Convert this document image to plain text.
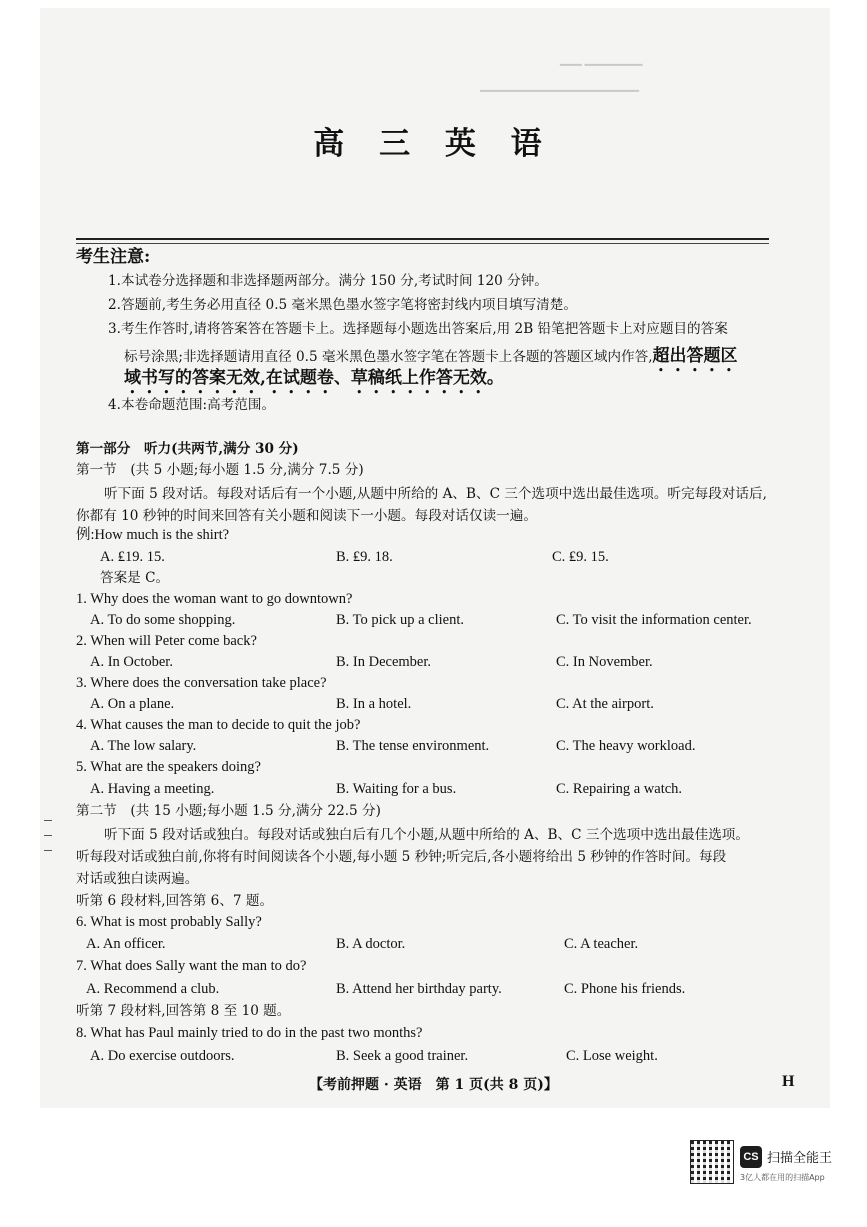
━━━ ━━━━━━━━
━━━━━━━━━━━━━━━━━━━━━━
高 三 英 语
考生注意:
1.本试卷分选择题和非选择题两部分。满分 150 分,考试时间 120 分钟。
2.答题前,考生务必用直径 0.5 毫米黑色墨水签字笔将密封线内项目填写清楚。
3.考生作答时,请将答案答在答题卡上。选择题每小题选出答案后,用 2B 铅笔把答题卡上对应题目的答案
标号涂黑;非选择题请用直径 0.5 毫米黑色墨水签字笔在答题卡上各题的答题区域内作答,超出答题区
域书写的答案无效,在试题卷、草稿纸上作答无效。
4.本卷命题范围:高考范围。
第一部分　听力(共两节,满分 30 分)
第一节　(共 5 小题;每小题 1.5 分,满分 7.5 分)
听下面 5 段对话。每段对话后有一个小题,从题中所给的 A、B、C 三个选项中选出最佳选项。听完每段对话后,
你都有 10 秒钟的时间来回答有关小题和阅读下一小题。每段对话仅读一遍。
例:How much is the shirt?
A. ₤19. 15.	B. ₤9. 18.	C. ₤9. 15.
答案是 C。
1. Why does the woman want to go downtown?
A. To do some shopping.	B. To pick up a client.	C. To visit the information center.
2. When will Peter come back?
A. In October.	B. In December.	C. In November.
3. Where does the conversation take place?
A. On a plane.	B. In a hotel.	C. At the airport.
4. What causes the man to decide to quit the job?
A. The low salary.	B. The tense environment.	C. The heavy workload.
5. What are the speakers doing?
A. Having a meeting.	B. Waiting for a bus.	C. Repairing a watch.
第二节　(共 15 小题;每小题 1.5 分,满分 22.5 分)
听下面 5 段对话或独白。每段对话或独白后有几个小题,从题中所给的 A、B、C 三个选项中选出最佳选项。
听每段对话或独白前,你将有时间阅读各个小题,每小题 5 秒钟;听完后,各小题将给出 5 秒钟的作答时间。每段
对话或独白读两遍。
听第 6 段材料,回答第 6、7 题。
6. What is most probably Sally?
A. An officer.	B. A doctor.	C. A teacher.
7. What does Sally want the man to do?
A. Recommend a club.	B. Attend her birthday party.	C. Phone his friends.
听第 7 段材料,回答第 8 至 10 题。
8. What has Paul mainly tried to do in the past two months?
A. Do exercise outdoors.	B. Seek a good trainer.	C. Lose weight.
【考前押题 · 英语　第 1 页(共 8 页)】	H
CS 扫描全能王
3亿人都在用的扫描App
